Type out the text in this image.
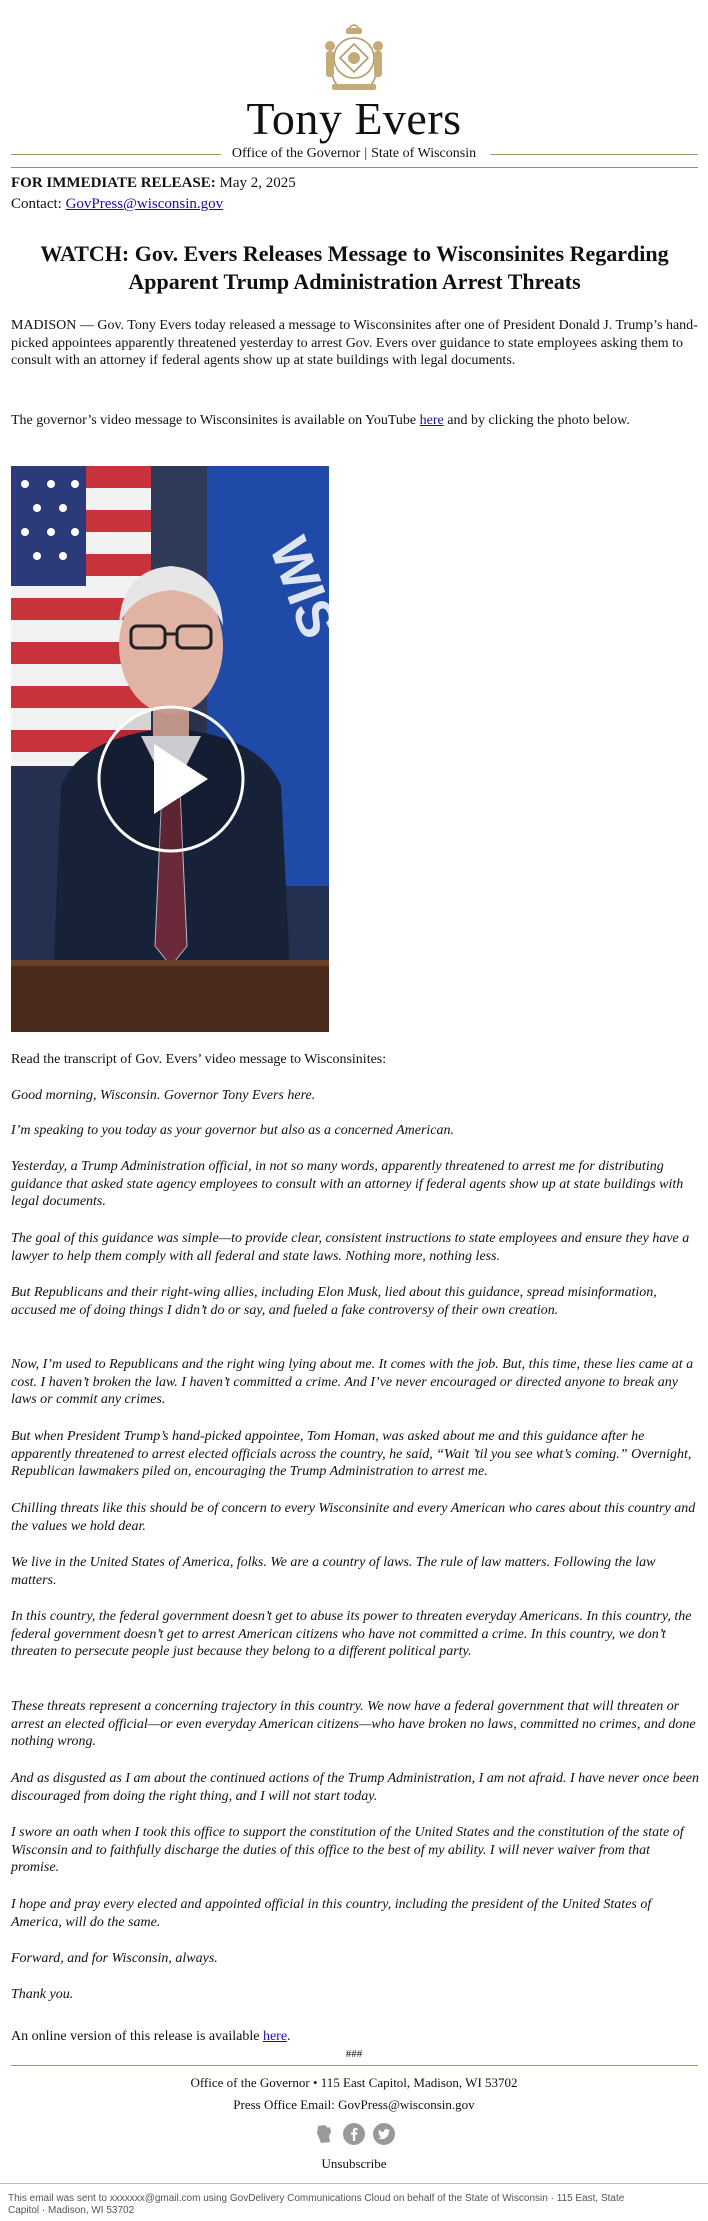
Tony Evers
Office of the Governor | State of Wisconsin
FOR IMMEDIATE RELEASE: May 2, 2025
Contact: GovPress@wisconsin.gov
WATCH: Gov. Evers Releases Message to Wisconsinites Regarding Apparent Trump Administration Arrest Threats
MADISON — Gov. Tony Evers today released a message to Wisconsinites after one of President Donald J. Trump’s hand-picked appointees apparently threatened yesterday to arrest Gov. Evers over guidance to state employees asking them to consult with an attorney if federal agents show up at state buildings with legal documents.
The governor’s video message to Wisconsinites is available on YouTube here and by clicking the photo below.
WIS
Read the transcript of Gov. Evers’ video message to Wisconsinites:
Good morning, Wisconsin. Governor Tony Evers here.
I’m speaking to you today as your governor but also as a concerned American.
Yesterday, a Trump Administration official, in not so many words, apparently threatened to arrest me for distributing guidance that asked state agency employees to consult with an attorney if federal agents show up at state buildings with legal documents.
The goal of this guidance was simple—to provide clear, consistent instructions to state employees and ensure they have a lawyer to help them comply with all federal and state laws. Nothing more, nothing less.
But Republicans and their right-wing allies, including Elon Musk, lied about this guidance, spread misinformation, accused me of doing things I didn’t do or say, and fueled a fake controversy of their own creation.
Now, I’m used to Republicans and the right wing lying about me. It comes with the job. But, this time, these lies came at a cost. I haven’t broken the law. I haven’t committed a crime. And I’ve never encouraged or directed anyone to break any laws or commit any crimes.
But when President Trump’s hand-picked appointee, Tom Homan, was asked about me and this guidance after he apparently threatened to arrest elected officials across the country, he said, “Wait ’til you see what’s coming.” Overnight, Republican lawmakers piled on, encouraging the Trump Administration to arrest me.
Chilling threats like this should be of concern to every Wisconsinite and every American who cares about this country and the values we hold dear.
We live in the United States of America, folks. We are a country of laws. The rule of law matters. Following the law matters.
In this country, the federal government doesn’t get to abuse its power to threaten everyday Americans. In this country, the federal government doesn’t get to arrest American citizens who have not committed a crime. In this country, we don’t threaten to persecute people just because they belong to a different political party.
These threats represent a concerning trajectory in this country. We now have a federal government that will threaten or arrest an elected official—or even everyday American citizens—who have broken no laws, committed no crimes, and done nothing wrong.
And as disgusted as I am about the continued actions of the Trump Administration, I am not afraid. I have never once been discouraged from doing the right thing, and I will not start today.
I swore an oath when I took this office to support the constitution of the United States and the constitution of the state of Wisconsin and to faithfully discharge the duties of this office to the best of my ability. I will never waiver from that promise.
I hope and pray every elected and appointed official in this country, including the president of the United States of America, will do the same.
Forward, and for Wisconsin, always.
Thank you.
An online version of this release is available here.
###
Office of the Governor • 115 East Capitol, Madison, WI 53702
Press Office Email: GovPress@wisconsin.gov

Unsubscribe
This email was sent to xxxxxxx@gmail.com using GovDelivery Communications Cloud on behalf of the State of Wisconsin · 115 East, State Capitol · Madison, WI 53702
